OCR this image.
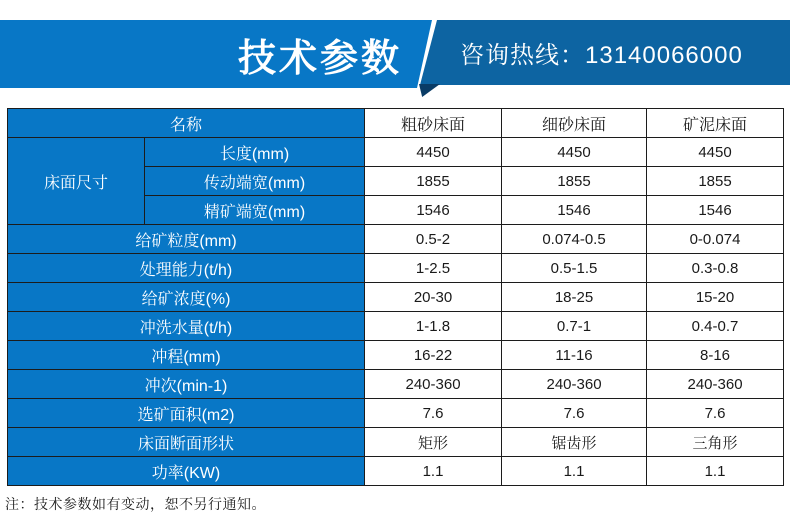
技术参数	咨询热线：13140066000
名称		粗砂床面	细砂床面	矿泥床面
床面尺寸	长度(mm)	4450	4450	4450
	传动端宽(mm)	1855	1855	1855
	精矿端宽(mm)	1546	1546	1546
给矿粒度(mm)		0.5-2	0.074-0.5	0-0.074
处理能力(t/h)		1-2.5	0.5-1.5	0.3-0.8
给矿浓度(%)		20-30	18-25	15-20
冲洗水量(t/h)		1-1.8	0.7-1	0.4-0.7
冲程(mm)		16-22	11-16	8-16
冲次(min-1)		240-360	240-360	240-360
选矿面积(m2)		7.6	7.6	7.6
床面断面形状		矩形	锯齿形	三角形
功率(KW)		1.1	1.1	1.1
注：技术参数如有变动，恕不另行通知。
